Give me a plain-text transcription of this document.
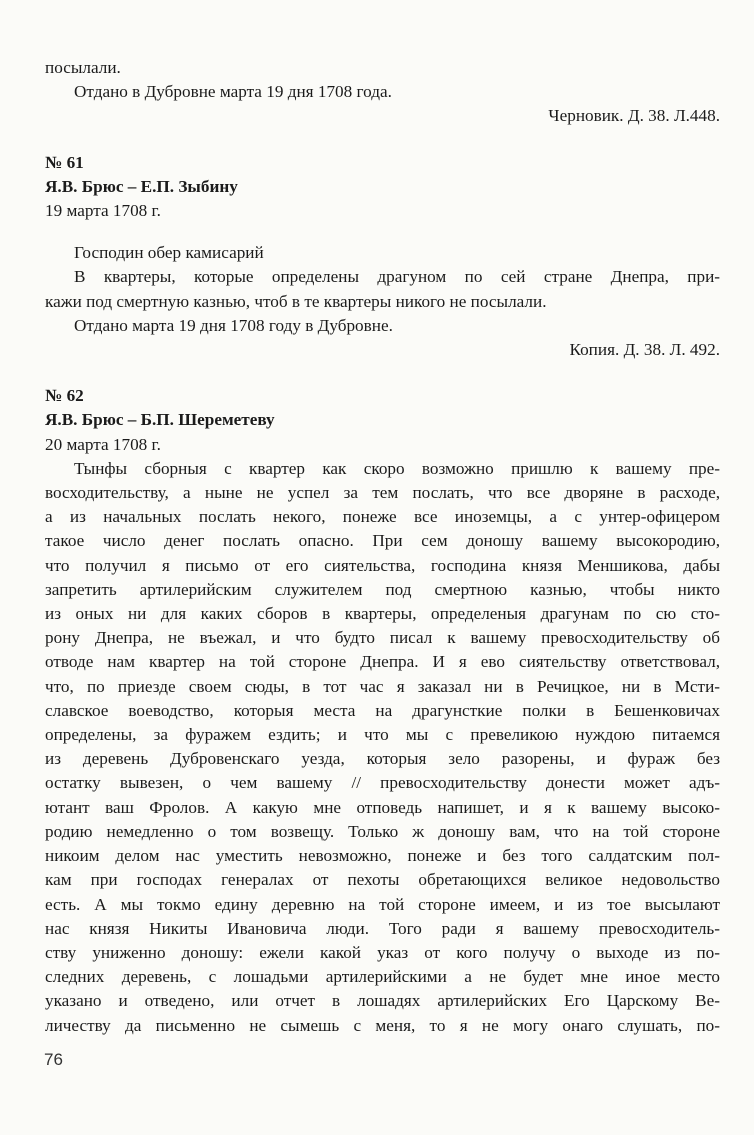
посылали.

Отдано в Дубровне марта 19 дня 1708 года.

Черновик. Д. 38. Л.448.

№ 61

Я.В. Брюс – Е.П. Зыбину

19 марта 1708 г.

Господин обер камисарий

В квартеры, которые определены драгуном по сей стране Днепра, при-

кажи под смертную казнью, чтоб в те квартеры никого не посылали.

Отдано марта 19 дня 1708 году в Дубровне.

Копия. Д. 38. Л. 492.

№ 62

Я.В. Брюс – Б.П. Шереметеву

20 марта 1708 г.

Тынфы сборныя с квартер как скоро возможно пришлю к вашему пре-

восходительству, а ныне не успел за тем послать, что все дворяне в расходе,

а из начальных послать некого, понеже все иноземцы, а с унтер-офицером

такое число денег послать опасно. При сем доношу вашему высокородию,

что получил я письмо от его сиятельства, господина князя Меншикова, дабы

запретить артилерийским служителем под смертною казнью, чтобы никто

из оных ни для каких сборов в квартеры, определеныя драгунам по сю сто-

рону Днепра, не въежал, и что будто писал к вашему превосходительству об

отводе нам квартер на той стороне Днепра. И я ево сиятельству ответствовал,

что, по приезде своем сюды, в тот час я заказал ни в Речицкое, ни в Мсти-

славское воеводство, которыя места на драгунсткие полки в Бешенковичах

определены, за фуражем ездить; и что мы с превеликою нуждою питаемся

из деревень Дубровенскаго уезда, которыя зело разорены, и фураж без

остатку вывезен, о чем вашему // превосходительству донести может адъ-

ютант ваш Фролов. А какую мне отповедь напишет, и я к вашему высоко-

родию немедленно о том возвещу. Только ж доношу вам, что на той стороне

никоим делом нас уместить невозможно, понеже и без того салдатским пол-

кам при господах генералах от пехоты обретающихся великое недовольство

есть. А мы токмо едину деревню на той стороне имеем, и из тое высылают

нас князя Никиты Ивановича люди. Того ради я вашему превосходитель-

ству униженно доношу: ежели какой указ от кого получу о выходе из по-

следних деревень, с лошадьми артилерийскими а не будет мне иное место

указано и отведено, или отчет в лошадях артилерийских Его Царскому Ве-

личеству да письменно не сымешь с меня, то я не могу онаго слушать, по-

76
